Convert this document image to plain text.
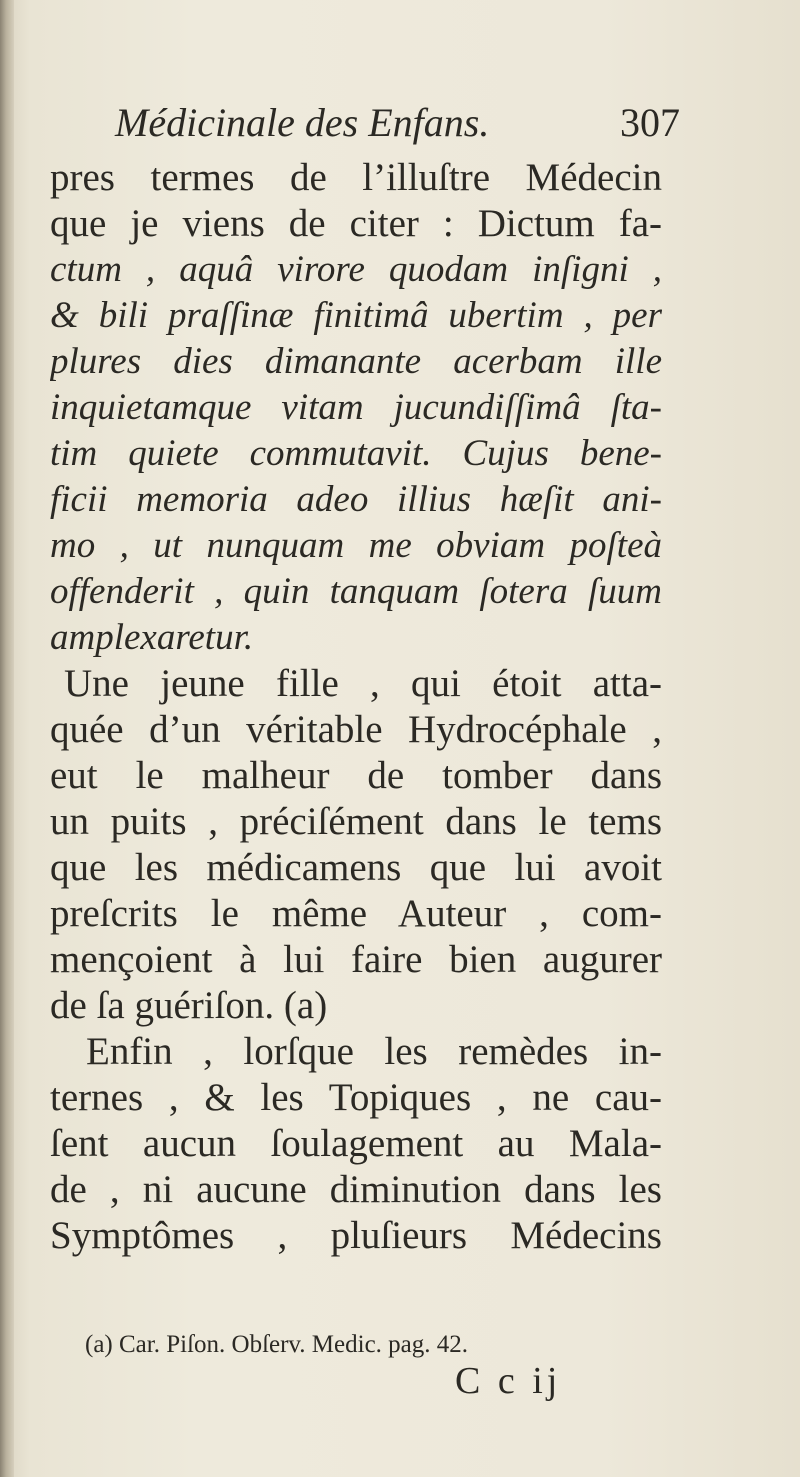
Médicinale des Enfans.	307
pres termes de l’illuſtre Médecin
que je viens de citer : Dictum fa-
ctum , aquâ virore quodam inſigni ,
& bili praſſinæ finitimâ ubertim , per
plures dies dimanante acerbam ille
inquietamque vitam jucundiſſimâ ſta-
tim quiete commutavit. Cujus bene-
ficii memoria adeo illius hæſit ani-
mo , ut nunquam me obviam poſteà
offenderit , quin tanquam ſotera ſuum
amplexaretur.
Une jeune fille , qui étoit atta-
quée d’un véritable Hydrocéphale ,
eut le malheur de tomber dans
un puits , préciſément dans le tems
que les médicamens que lui avoit
preſcrits le même Auteur , com-
mençoient à lui faire bien augurer
de ſa guériſon. (a)
Enfin , lorſque les remèdes in-
ternes , & les Topiques , ne cau-
ſent aucun ſoulagement au Mala-
de , ni aucune diminution dans les
Symptômes , pluſieurs Médecins
(a) Car. Piſon. Obſerv. Medic. pag. 42.
C c ij
